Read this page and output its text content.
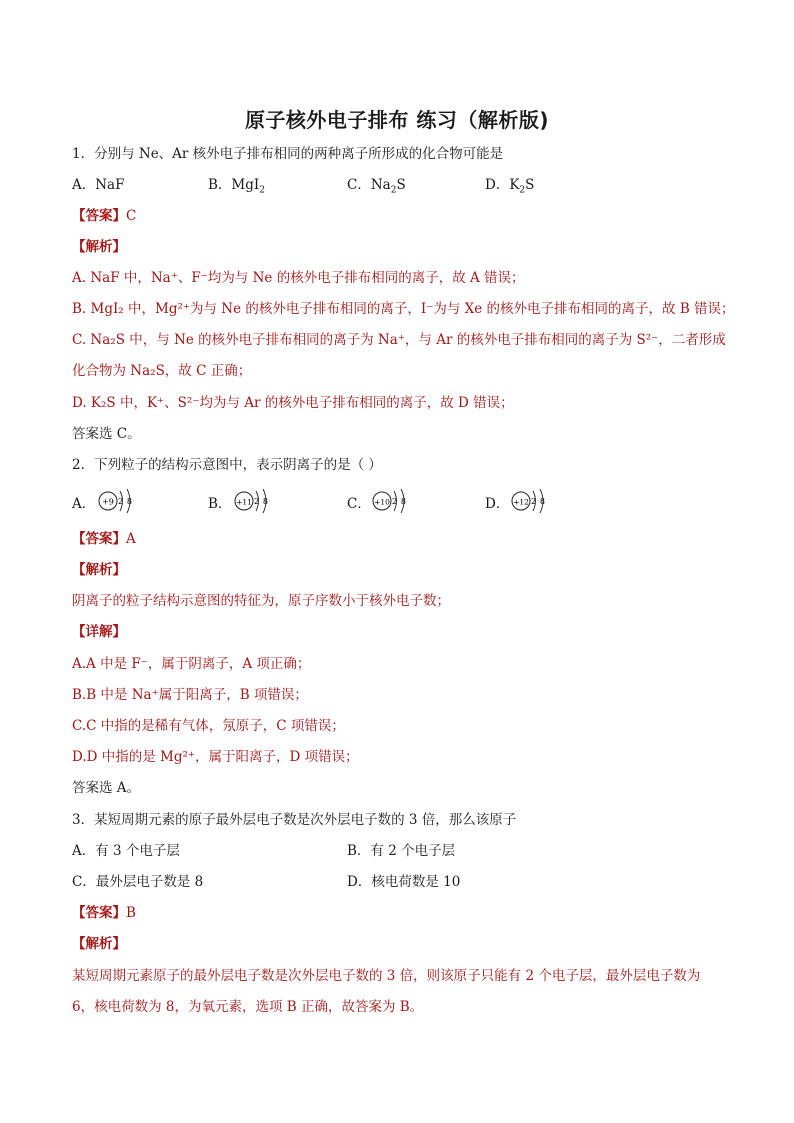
原子核外电子排布 练习（解析版)
1．分别与 Ne、Ar 核外电子排布相同的两种离子所形成的化合物可能是
A．NaF	B．MgI$_2$	C．$Na_2S$	D．$K_2S$
【答案】C
【解析】
A. NaF 中，Na⁺、F⁻均为与 Ne 的核外电子排布相同的离子，故 A 错误；
B. MgI₂ 中，Mg²⁺为与 Ne 的核外电子排布相同的离子，I⁻为与 Xe 的核外电子排布相同的离子，故 B 错误；
C. Na₂S 中，与 Ne 的核外电子排布相同的离子为 Na⁺，与 Ar 的核外电子排布相同的离子为 S²⁻，二者形成
化合物为 Na₂S，故 C 正确；
D. K₂S 中，K⁺、S²⁻均为与 Ar 的核外电子排布相同的离子，故 D 错误；
答案选 C。
2．下列粒子的结构示意图中，表示阴离子的是（ ）
A． +9 2 8	B． +11 2 8	C． +10 2 8	D． +12 2 8
【答案】A
【解析】
阴离子的粒子结构示意图的特征为，原子序数小于核外电子数；
【详解】
A.A 中是 F⁻，属于阴离子，A 项正确；
B.B 中是 Na⁺属于阳离子，B 项错误；
C.C 中指的是稀有气体，氖原子，C 项错误；
D.D 中指的是 Mg²⁺，属于阳离子，D 项错误；
答案选 A。
3．某短周期元素的原子最外层电子数是次外层电子数的 3 倍，那么该原子
A．有 3 个电子层	B．有 2 个电子层
C．最外层电子数是 8	D．核电荷数是 10
【答案】B
【解析】
某短周期元素原子的最外层电子数是次外层电子数的 3 倍，则该原子只能有 2 个电子层，最外层电子数为
6，核电荷数为 8，为氧元素，选项 B 正确，故答案为 B。
